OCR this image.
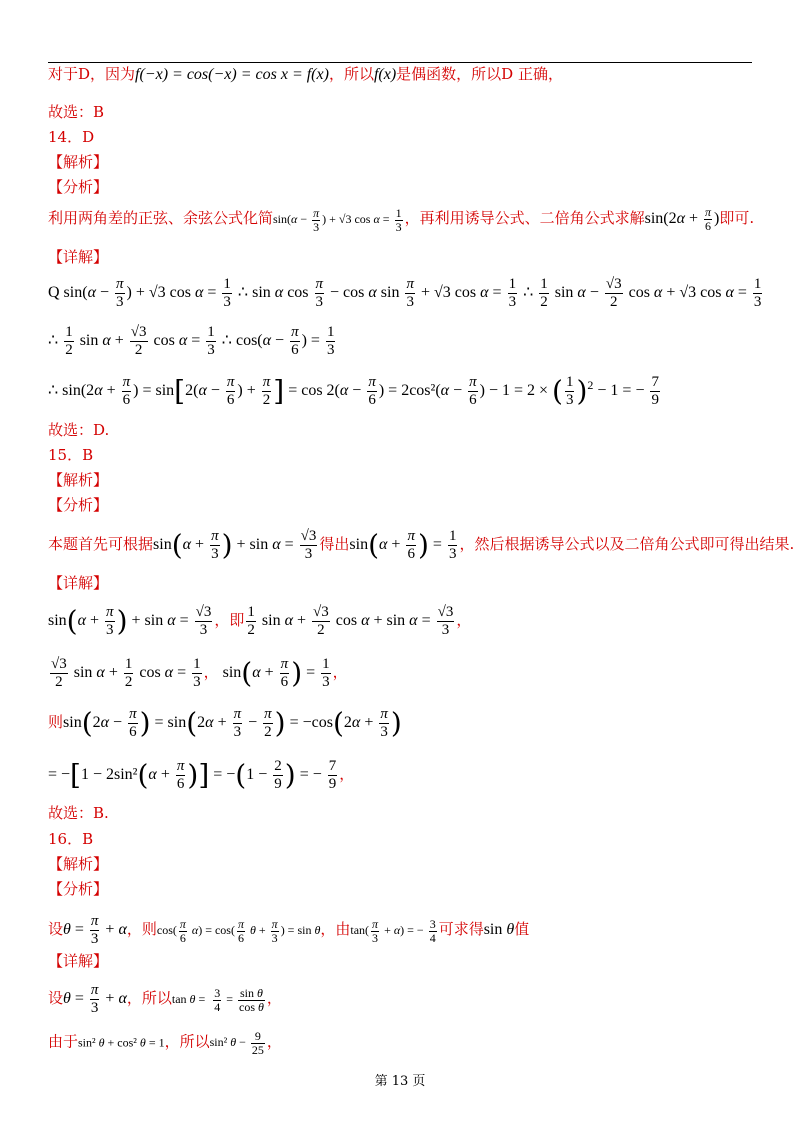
对于D，因为f(−x) = cos(−x) = cos x = f(x)，所以f(x)是偶函数，所以D 正确，
故选：B
14．D
【解析】
【分析】
利用两角差的正弦、余弦公式化简$\sin(\alpha - \frac{\pi}{3}$ ) + √3 $\cos \alpha = \frac{1}{3}$ ，再利用诱导公式、二倍角公式求解$\sin(2\alpha + \frac{\pi}{6}$ )即可.
【详解】
Q $\sin(\alpha - \frac{\pi}{3}$ ) + √3 $\cos \alpha = \frac{1}{3}$ ∴ sin α $\cos \frac{\pi}{3} - \cos \alpha$ $\sin \frac{\pi}{3} + √3$ $\cos \alpha = \frac{1}{3}$ ∴ $\frac{1}{2}$ $\sin \alpha - \frac{√3}{2}$ cos α + √3 $\cos \alpha = \frac{1}{3}$
∴ $\frac{1}{2}$ $\sin \alpha + \frac{√3}{2}$ $\cos \alpha = \frac{1}{3}$ ∴ $\cos(\alpha - \frac{\pi}{6}$ ) = $\frac{1}{3}$
∴ $\sin(2\alpha + \frac{\pi}{6}$ ) = $\sin[2(\alpha - \frac{\pi}{6}$ ) + $\frac{\pi}{2}$ ] = $\cos 2(\alpha - \frac{\pi}{6}$ ) = $2\cos^2(\alpha - \frac{\pi}{6}$ ) − 1 = 2 × ( $\frac{1}{3} )^2 - 1$ = − $\frac{7}{9}$
故选：D.
15．B
【解析】
【分析】
本题首先可根据$\sin(\alpha + \frac{\pi}{3}$ ) + $\sin \alpha = \frac{√3}{3}$ 得出$\sin(\alpha + \frac{\pi}{6}$ ) = $\frac{1}{3}$ ，然后根据诱导公式以及二倍角公式即可得出结果.
【详解】
$\sin(\alpha + \frac{\pi}{3}$ ) + $\sin \alpha = \frac{√3}{3}$ ，即 $\frac{1}{2}$ $\sin \alpha + \frac{√3}{2}$ $\cos \alpha + \sin \alpha = \frac{√3}{3}$ ，
$\frac{√3}{2}$ $\sin \alpha + \frac{1}{2}$ $\cos \alpha = \frac{1}{3}$ ， $\sin(\alpha + \frac{\pi}{6}$ ) = $\frac{1}{3}$ ，
则$\sin(2\alpha - \frac{\pi}{6}$ ) = $\sin(2\alpha + \frac{\pi}{3} - \frac{\pi}{2}$ ) = $-\cos(2\alpha + \frac{\pi}{3}$ )
= $-[1 - 2\sin^2(\alpha + \frac{\pi}{6}$ )] = $-(1 - \frac{2}{9}$ ) = − $\frac{7}{9}$ ，
故选：B.
16．B
【解析】
【分析】
设$\theta = \frac{\pi}{3} + \alpha$，则$\cos( \frac{\pi}{6} \alpha) = \cos( \frac{\pi}{6}$ $\theta + \frac{\pi}{3}$ ) = sin θ，由$\tan( \frac{\pi}{3} + \alpha)$ = − $\frac{3}{4}$ 可求得sin θ值
【详解】
设$\theta = \frac{\pi}{3} + \alpha$，所以$\tan \theta = \frac{3}{4} = \frac{\text{sin θ}}{\text{cos θ}}$ ，
由于sin² θ + cos² θ = 1，所以sin² $\theta - \frac{9}{25}$ ，
第 13 页
